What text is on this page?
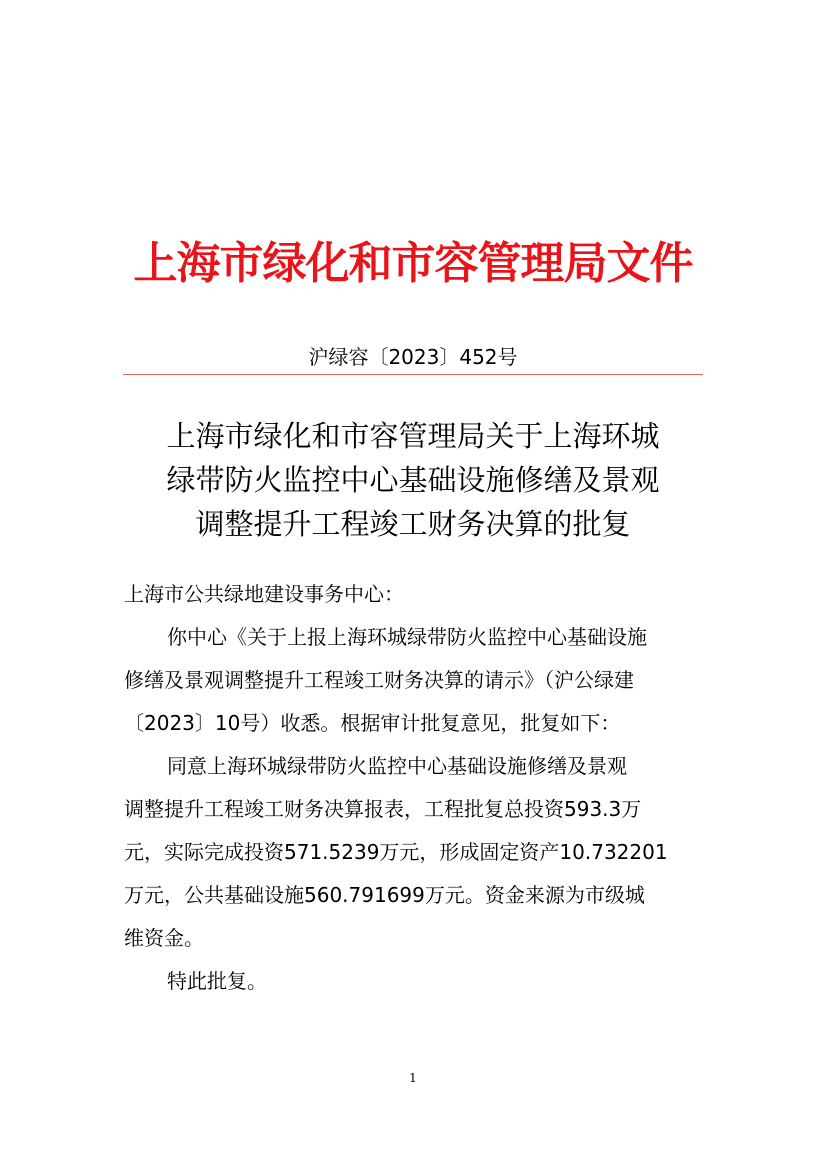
上海市绿化和市容管理局文件
沪绿容〔2023〕452号
上海市绿化和市容管理局关于上海环城
绿带防火监控中心基础设施修缮及景观
调整提升工程竣工财务决算的批复
上海市公共绿地建设事务中心：
你中心《关于上报上海环城绿带防火监控中心基础设施
修缮及景观调整提升工程竣工财务决算的请示》（沪公绿建
〔2023〕10号）收悉。根据审计批复意见，批复如下：
同意上海环城绿带防火监控中心基础设施修缮及景观
调整提升工程竣工财务决算报表，工程批复总投资593.3万
元，实际完成投资571.5239万元，形成固定资产10.732201
万元，公共基础设施560.791699万元。资金来源为市级城
维资金。
特此批复。
1
